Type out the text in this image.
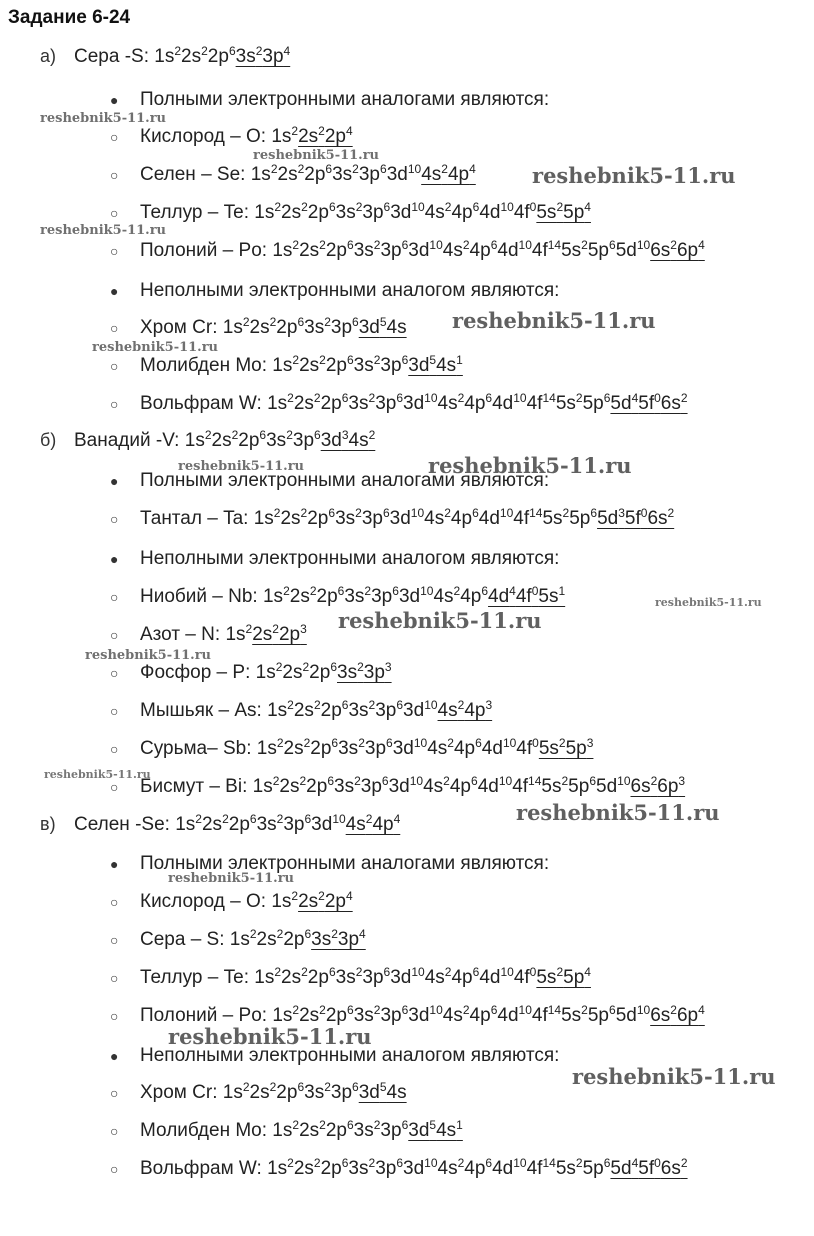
Задание 6-24
а) Сера -S: $1s^22s^22p^63s^23p^4$
● Полными электронными аналогами являются:
○ Кислород – O: $1s^22s^22p^4$
○ Селен – Se: $1s^22s^22p^63s^23p^63d^{10}4s^24p^4$
○ Теллур – Te: $1s^22s^22p^63s^23p^63d^{10}4s^24p^64d^{10}4f^05s^25p^4$
○ Полоний – Po: $1s^22s^22p^63s^23p^63d^{10}4s^24p^64d^{10}4f^{14}5s^25p^65d^{10}6s^26p^4$
● Неполными электронными аналогом являются:
○ Хром Cr: $1s^22s^22p^63s^23p^63d^54s$
○ Молибден Mo: $1s^22s^22p^63s^23p^63d^54s^1$
○ Вольфрам W: $1s^22s^22p^63s^23p^63d^{10}4s^24p^64d^{10}4f^{14}5s^25p^65d^45f^06s^2$
б) Ванадий -V: $1s^22s^22p^63s^23p^63d^34s^2$
● Полными электронными аналогами являются:
○ Тантал – Ta: $1s^22s^22p^63s^23p^63d^{10}4s^24p^64d^{10}4f^{14}5s^25p^65d^35f^06s^2$
● Неполными электронными аналогом являются:
○ Ниобий – Nb: $1s^22s^22p^63s^23p^63d^{10}4s^24p^64d^44f^05s^1$
○ Азот – N: $1s^22s^22p^3$
○ Фосфор – P: $1s^22s^22p^63s^23p^3$
○ Мышьяк – As: $1s^22s^22p^63s^23p^63d^{10}4s^24p^3$
○ Сурьма– Sb: $1s^22s^22p^63s^23p^63d^{10}4s^24p^64d^{10}4f^05s^25p^3$
○ Бисмут – Bi: $1s^22s^22p^63s^23p^63d^{10}4s^24p^64d^{10}4f^{14}5s^25p^65d^{10}6s^26p^3$
в) Селен -Se: $1s^22s^22p^63s^23p^63d^{10}4s^24p^4$
● Полными электронными аналогами являются:
○ Кислород – O: $1s^22s^22p^4$
○ Сера – S: $1s^22s^22p^63s^23p^4$
○ Теллур – Te: $1s^22s^22p^63s^23p^63d^{10}4s^24p^64d^{10}4f^05s^25p^4$
○ Полоний – Po: $1s^22s^22p^63s^23p^63d^{10}4s^24p^64d^{10}4f^{14}5s^25p^65d^{10}6s^26p^4$
● Неполными электронными аналогом являются:
○ Хром Cr: $1s^22s^22p^63s^23p^63d^54s$
○ Молибден Mo: $1s^22s^22p^63s^23p^63d^54s^1$
○ Вольфрам W: $1s^22s^22p^63s^23p^63d^{10}4s^24p^64d^{10}4f^{14}5s^25p^65d^45f^06s^2$
reshebnik5-11.ru
reshebnik5-11.ru
reshebnik5-11.ru
reshebnik5-11.ru
reshebnik5-11.ru
reshebnik5-11.ru
reshebnik5-11.ru	reshebnik5-11.ru
reshebnik5-11.ru
reshebnik5-11.ru
reshebnik5-11.ru
reshebnik5-11.ru
reshebnik5-11.ru
reshebnik5-11.ru
reshebnik5-11.ru
reshebnik5-11.ru
